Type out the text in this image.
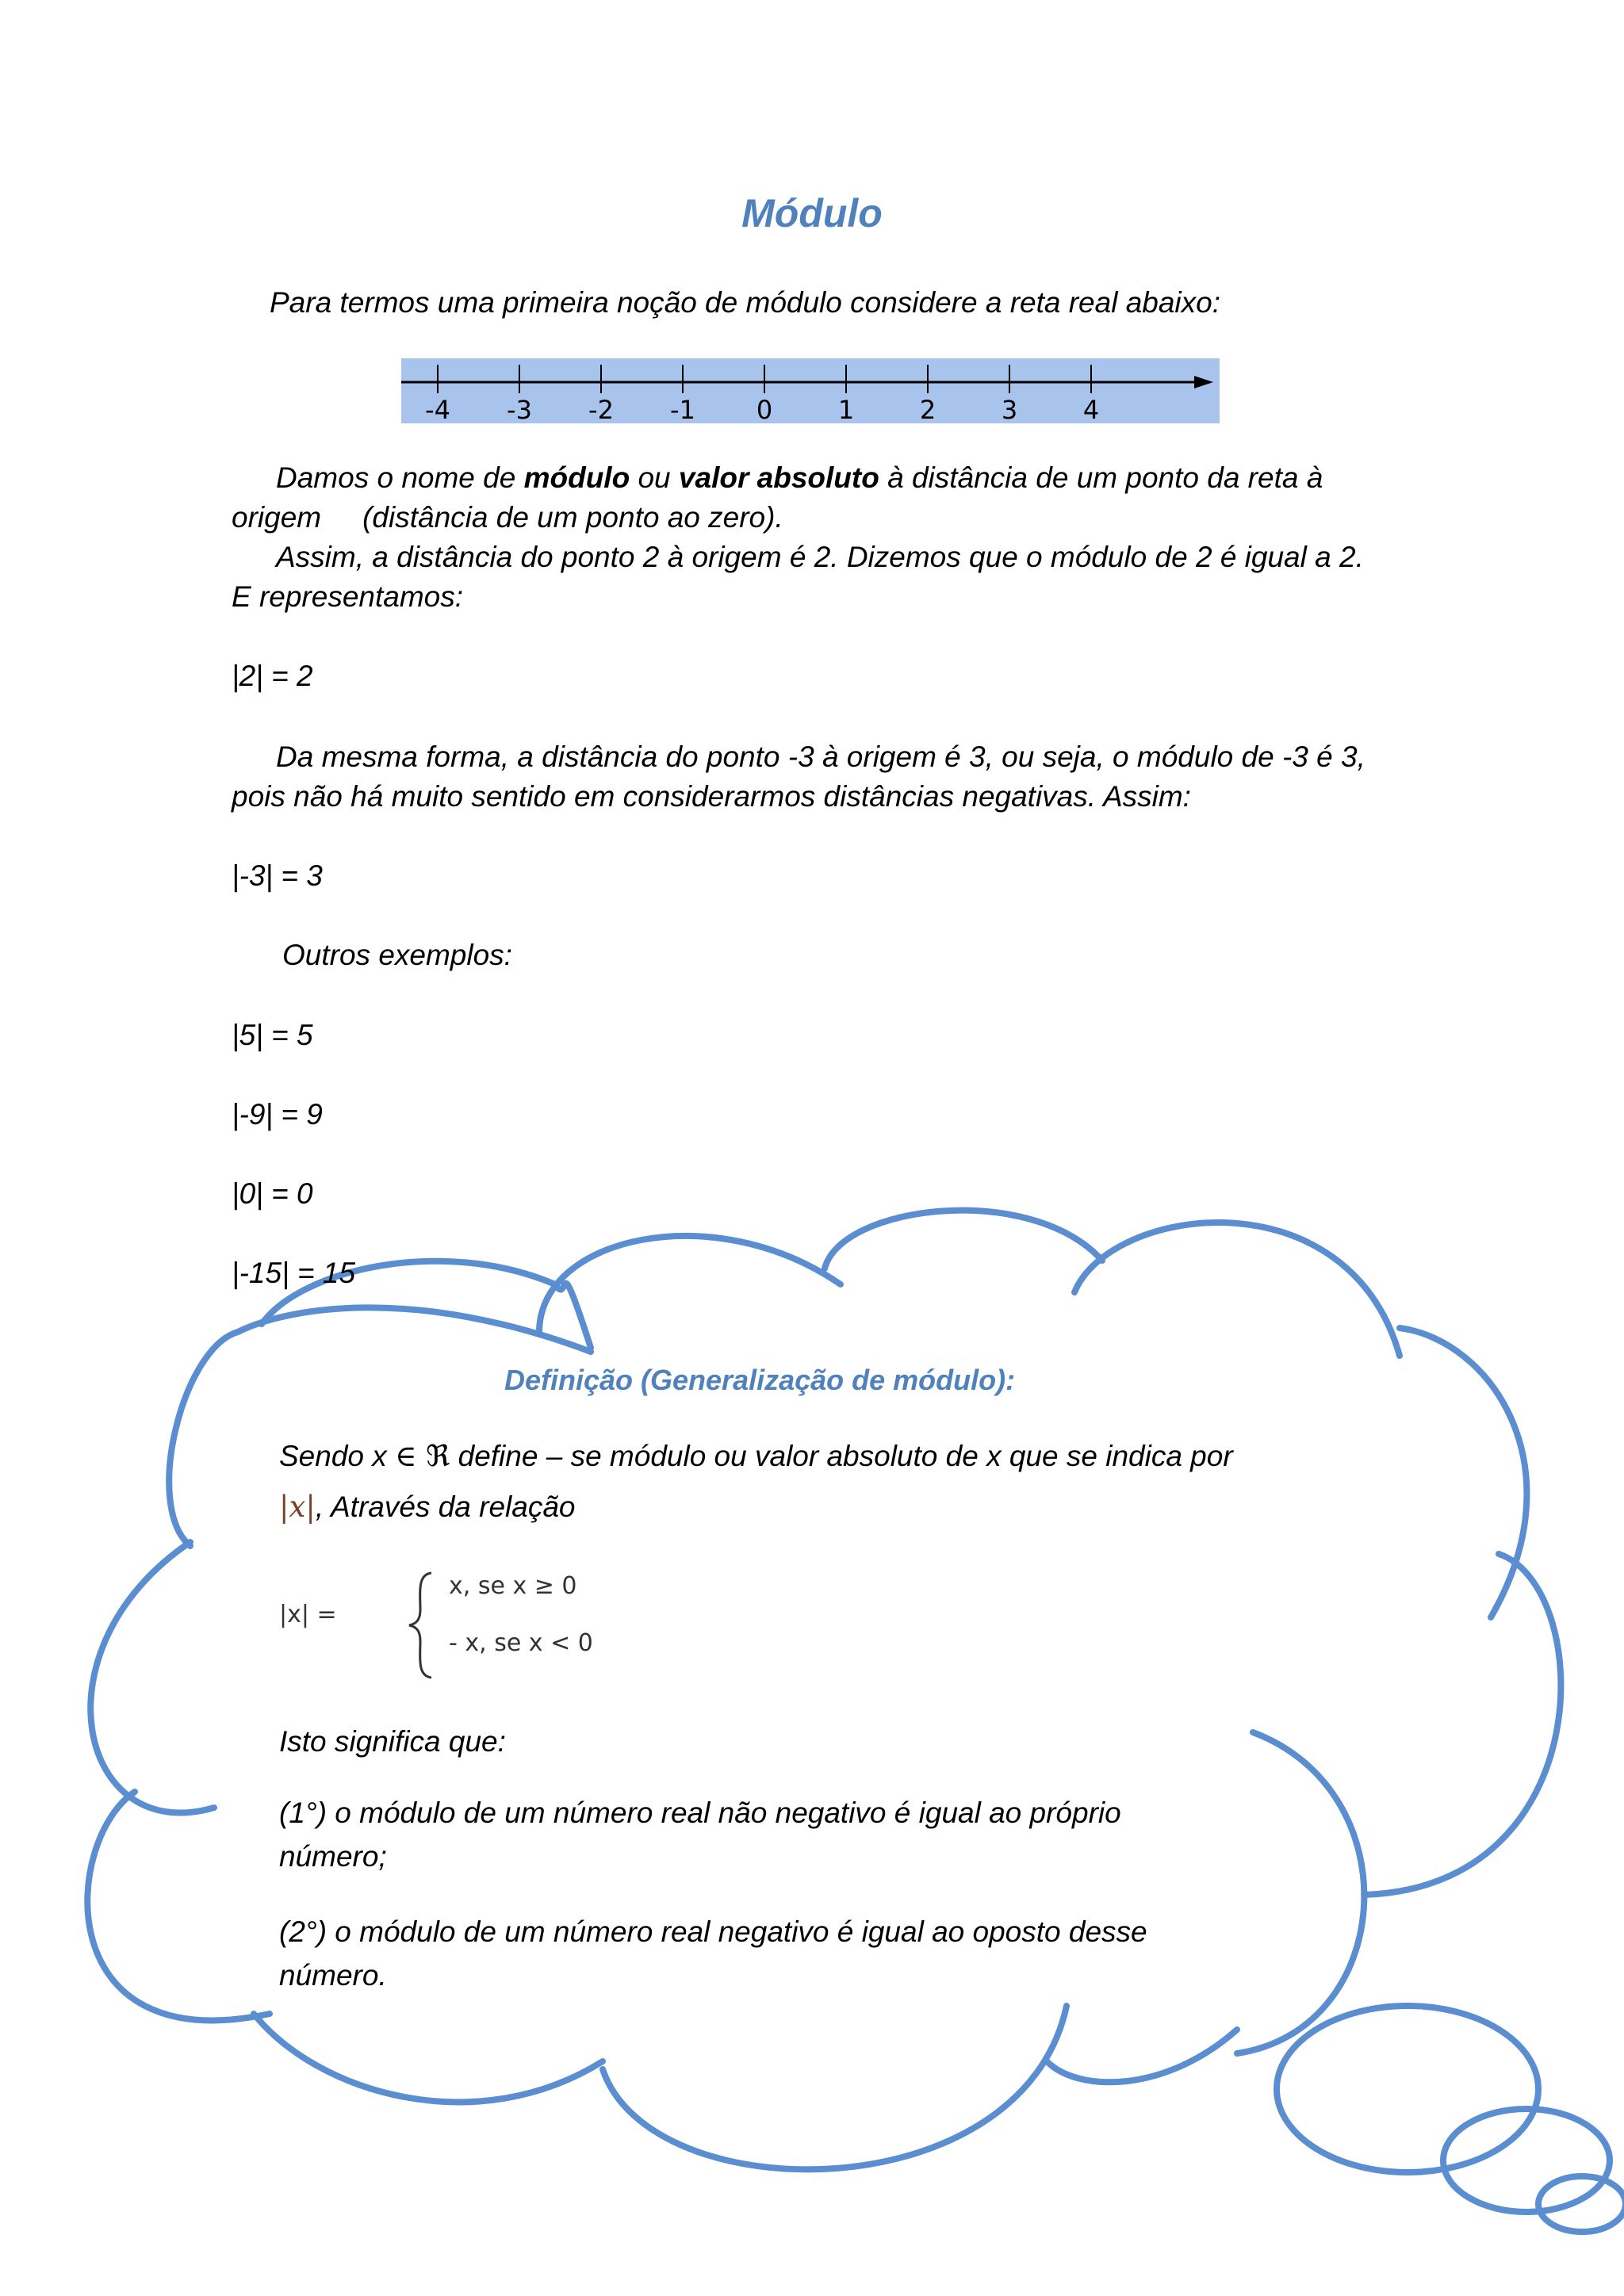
Módulo
Para termos uma primeira noção de módulo considere a reta real abaixo:
-4 -3 -2 -1 0	1	2	3	4
Damos o nome de módulo ou valor absoluto à distância de um ponto da reta à
origem (distância de um ponto ao zero).
Assim, a distância do ponto 2 à origem é 2. Dizemos que o módulo de 2 é igual a 2.
E representamos:
|2| = 2
Da mesma forma, a distância do ponto -3 à origem é 3, ou seja, o módulo de -3 é 3,
pois não há muito sentido em considerarmos distâncias negativas. Assim:
|-3| = 3
Outros exemplos:
|5| = 5
|-9| = 9
|0| = 0
|-15| = 15
Definição (Generalização de módulo):
Sendo x ∈ ℜ define – se módulo ou valor absoluto de x que se indica por
|x|, Através da relação
|x| =
x, se x ≥ 0
- x, se x < 0
Isto significa que:
(1°) o módulo de um número real não negativo é igual ao próprio
número;
(2°) o módulo de um número real negativo é igual ao oposto desse
número.
